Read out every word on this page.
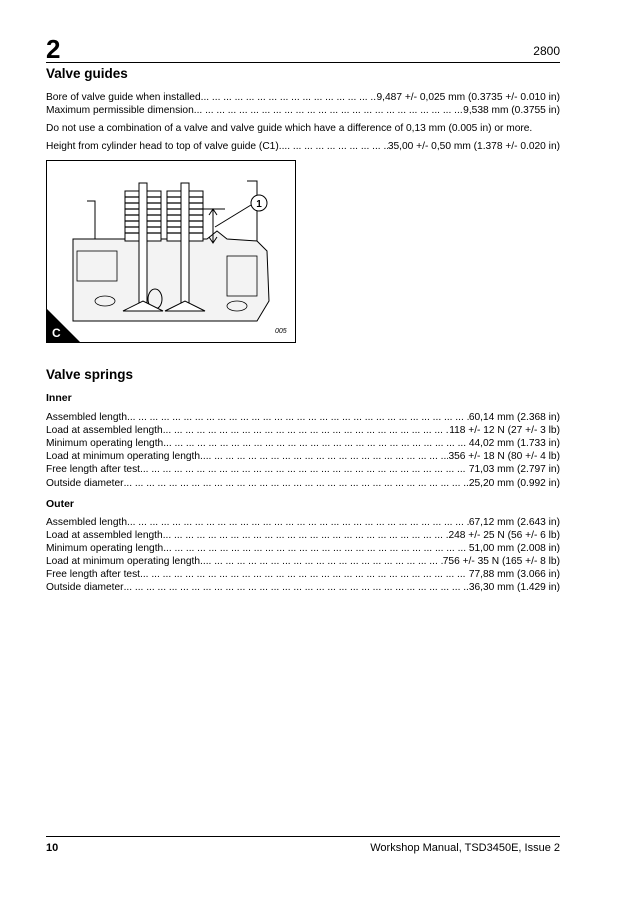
2	2800
Valve guides
Bore of valve guide when installed ... .	9,487 +/- 0,025 mm (0.3735 +/- 0.010 in)
Maximum permissible dimension ... .	9,538 mm (0.3755 in)
Do not use a combination of a valve and valve guide which have a difference of 0,13 mm (0.005 in) or more.
Height from cylinder head to top of valve guide (C1). ... .	35,00 +/- 0,50 mm (1.378 +/- 0.020 in)
C
1
005
Valve springs
Inner
Assembled length ... .	60,14 mm (2.368 in)
Load at assembled length ... .	118 +/- 12 N (27 +/- 3 lb)
Minimum operating length ... .	44,02 mm (1.733 in)
Load at minimum operating length. ... .	356 +/- 18 N (80 +/- 4 lb)
Free length after test ... .	71,03 mm (2.797 in)
Outside diameter ... .	25,20 mm (0.992 in)
Outer
Assembled length ... .	67,12 mm (2.643 in)
Load at assembled length ... .	248 +/- 25 N (56 +/- 6 lb)
Minimum operating length ... .	51,00 mm (2.008 in)
Load at minimum operating length. ... .	756 +/- 35 N (165 +/- 8 lb)
Free length after test ... .	77,88 mm (3.066 in)
Outside diameter ... .	36,30 mm (1.429 in)
10	Workshop Manual, TSD3450E, Issue 2
